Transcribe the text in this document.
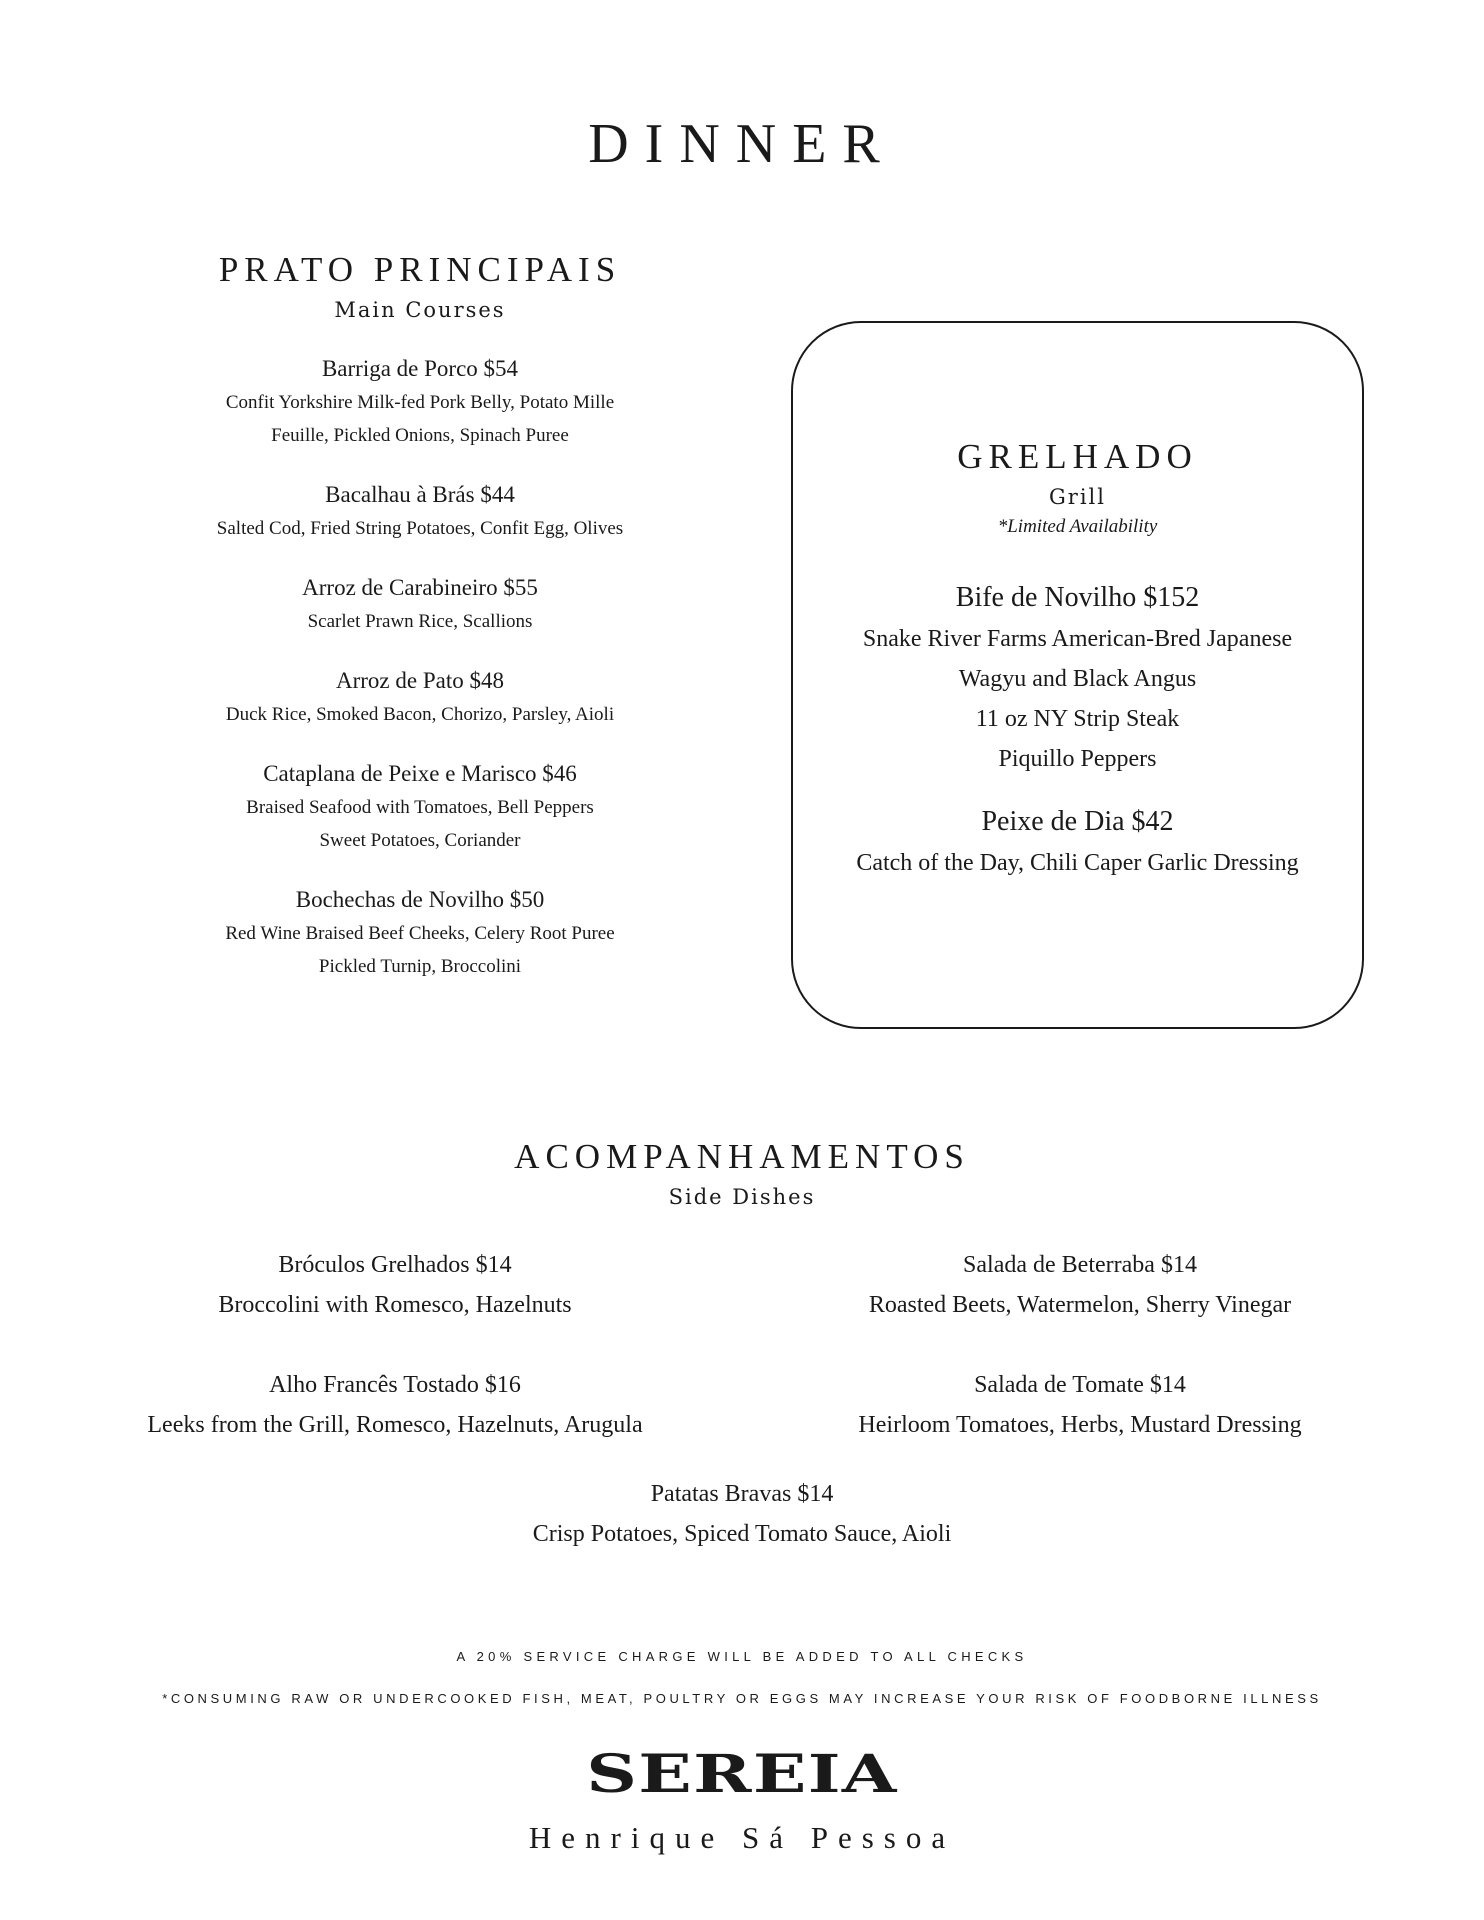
DINNER
PRATO PRINCIPAIS
Main Courses
Barriga de Porco $54
Confit Yorkshire Milk-fed Pork Belly, Potato Mille
Feuille, Pickled Onions, Spinach Puree
Bacalhau à Brás $44
Salted Cod, Fried String Potatoes, Confit Egg, Olives
Arroz de Carabineiro $55
Scarlet Prawn Rice, Scallions
Arroz de Pato $48
Duck Rice, Smoked Bacon, Chorizo, Parsley, Aioli
Cataplana de Peixe e Marisco $46
Braised Seafood with Tomatoes, Bell Peppers
Sweet Potatoes, Coriander
Bochechas de Novilho $50
Red Wine Braised Beef Cheeks, Celery Root Puree
Pickled Turnip, Broccolini
GRELHADO
Grill
*Limited Availability
Bife de Novilho $152
Snake River Farms American-Bred Japanese
Wagyu and Black Angus
11 oz NY Strip Steak
Piquillo Peppers
Peixe de Dia $42
Catch of the Day, Chili Caper Garlic Dressing
ACOMPANHAMENTOS
Side Dishes
Bróculos Grelhados $14
Broccolini with Romesco, Hazelnuts
Salada de Beterraba $14
Roasted Beets, Watermelon, Sherry Vinegar
Alho Francês Tostado $16
Leeks from the Grill, Romesco, Hazelnuts, Arugula
Salada de Tomate $14
Heirloom Tomatoes, Herbs, Mustard Dressing
Patatas Bravas $14
Crisp Potatoes, Spiced Tomato Sauce, Aioli
A 20% SERVICE CHARGE WILL BE ADDED TO ALL CHECKS
*CONSUMING RAW OR UNDERCOOKED FISH, MEAT, POULTRY OR EGGS MAY INCREASE YOUR RISK OF FOODBORNE ILLNESS
SEREIA
Henrique Sá Pessoa
